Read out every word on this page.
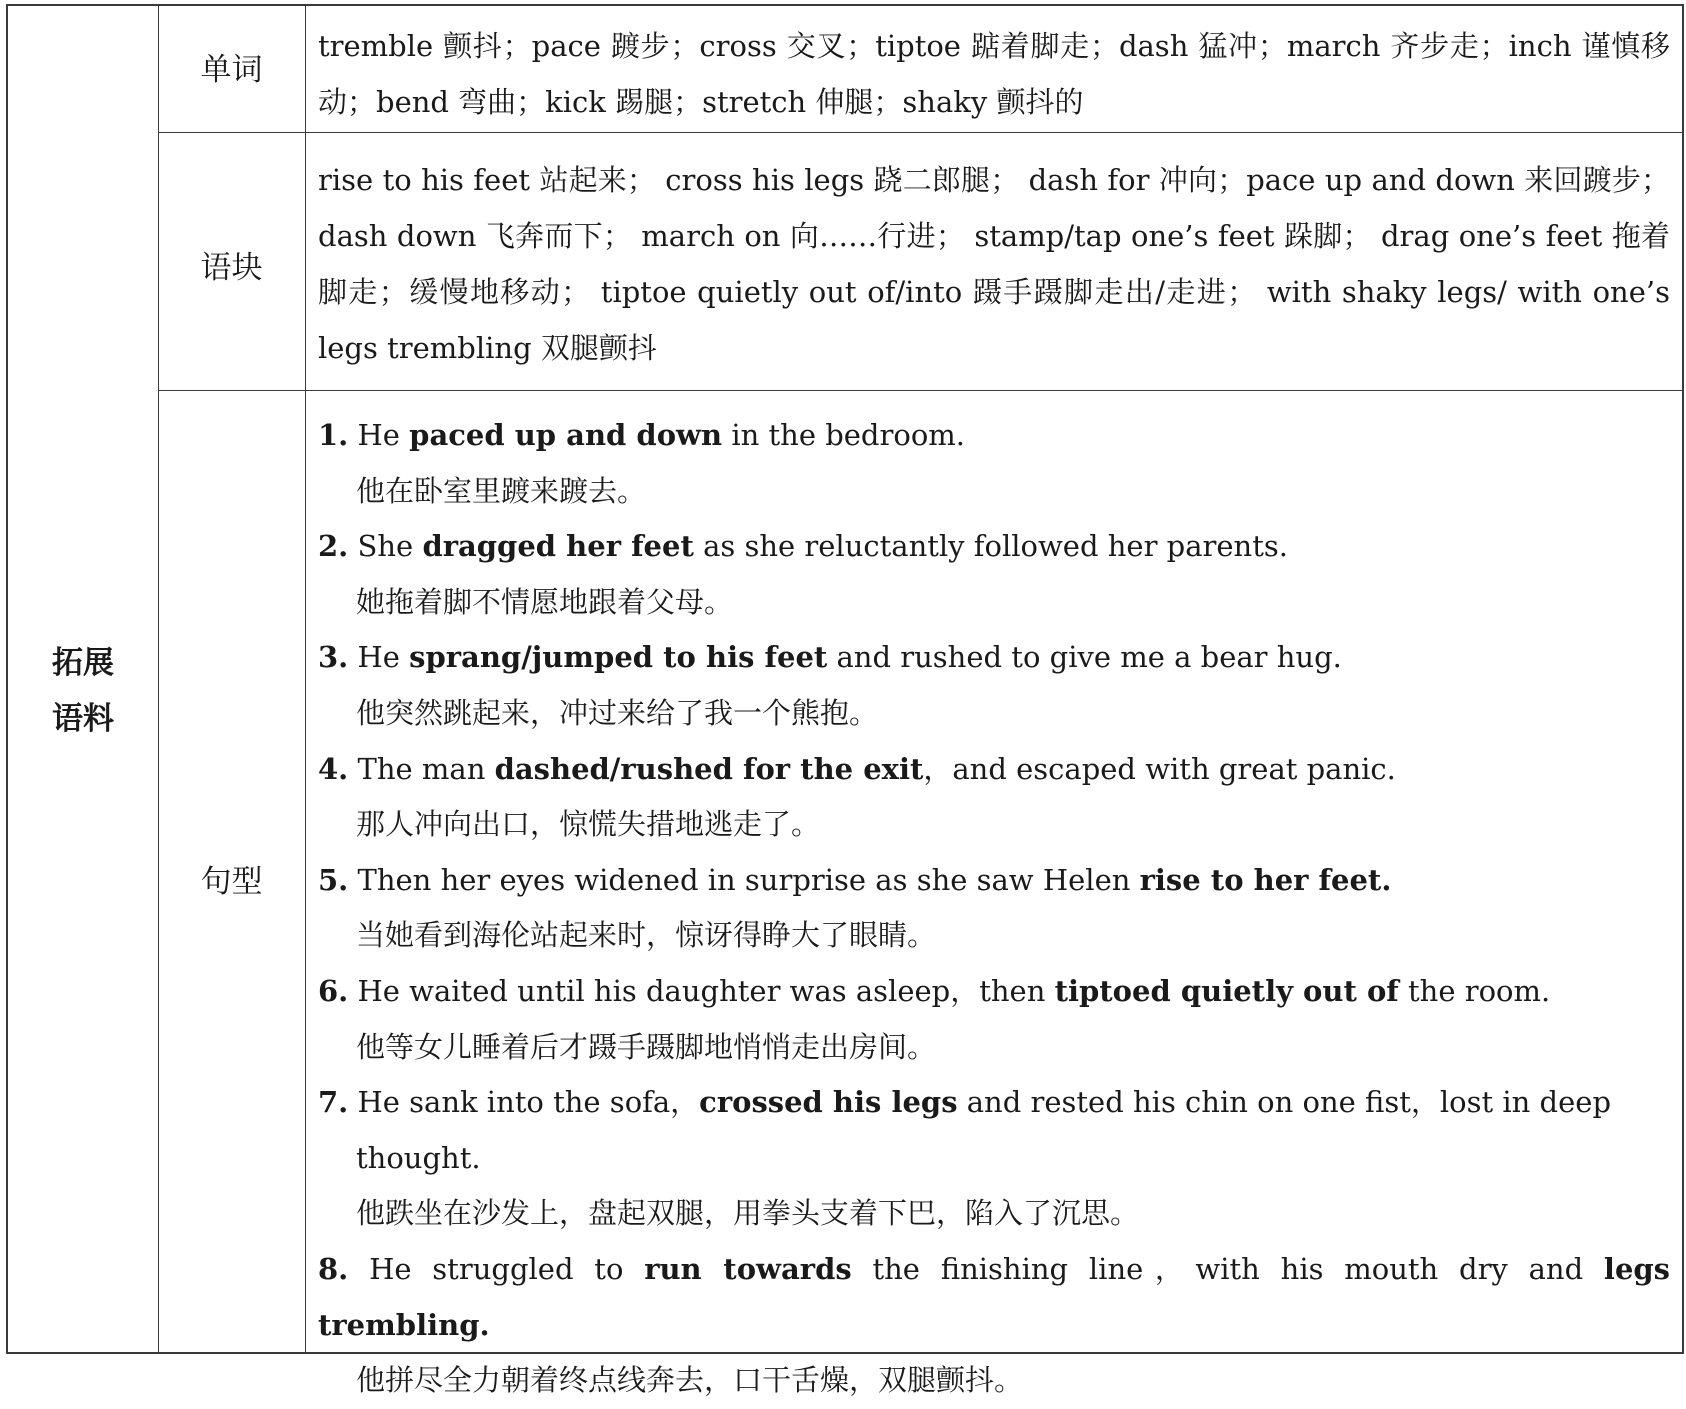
拓展
语料
单词
语块
句型
tremble 颤抖；pace 踱步；cross 交叉；tiptoe 踮着脚走；dash 猛冲；march 齐步走；inch 谨慎移动；bend 弯曲；kick 踢腿；stretch 伸腿；shaky 颤抖的
rise to his feet 站起来； cross his legs 跷二郎腿； dash for 冲向；pace up and down 来回踱步；dash down 飞奔而下； march on 向……行进； stamp/tap one’s feet 跺脚； drag one’s feet 拖着脚走；缓慢地移动； tiptoe quietly out of/into 蹑手蹑脚走出/走进； with shaky legs/ with one’s legs trembling 双腿颤抖
1. He paced up and down in the bedroom.
他在卧室里踱来踱去。
2. She dragged her feet as she reluctantly followed her parents.
她拖着脚不情愿地跟着父母。
3. He sprang/jumped to his feet and rushed to give me a bear hug.
他突然跳起来，冲过来给了我一个熊抱。
4. The man dashed/rushed for the exit，and escaped with great panic.
那人冲向出口，惊慌失措地逃走了。
5. Then her eyes widened in surprise as she saw Helen rise to her feet.
当她看到海伦站起来时，惊讶得睁大了眼睛。
6. He waited until his daughter was asleep，then tiptoed quietly out of the room.
他等女儿睡着后才蹑手蹑脚地悄悄走出房间。
7. He sank into the sofa，crossed his legs and rested his chin on one fist，lost in deep
thought.
他跌坐在沙发上，盘起双腿，用拳头支着下巴，陷入了沉思。
8. He struggled to run towards the finishing line，with his mouth dry and legs trembling.
他拼尽全力朝着终点线奔去，口干舌燥，双腿颤抖。
